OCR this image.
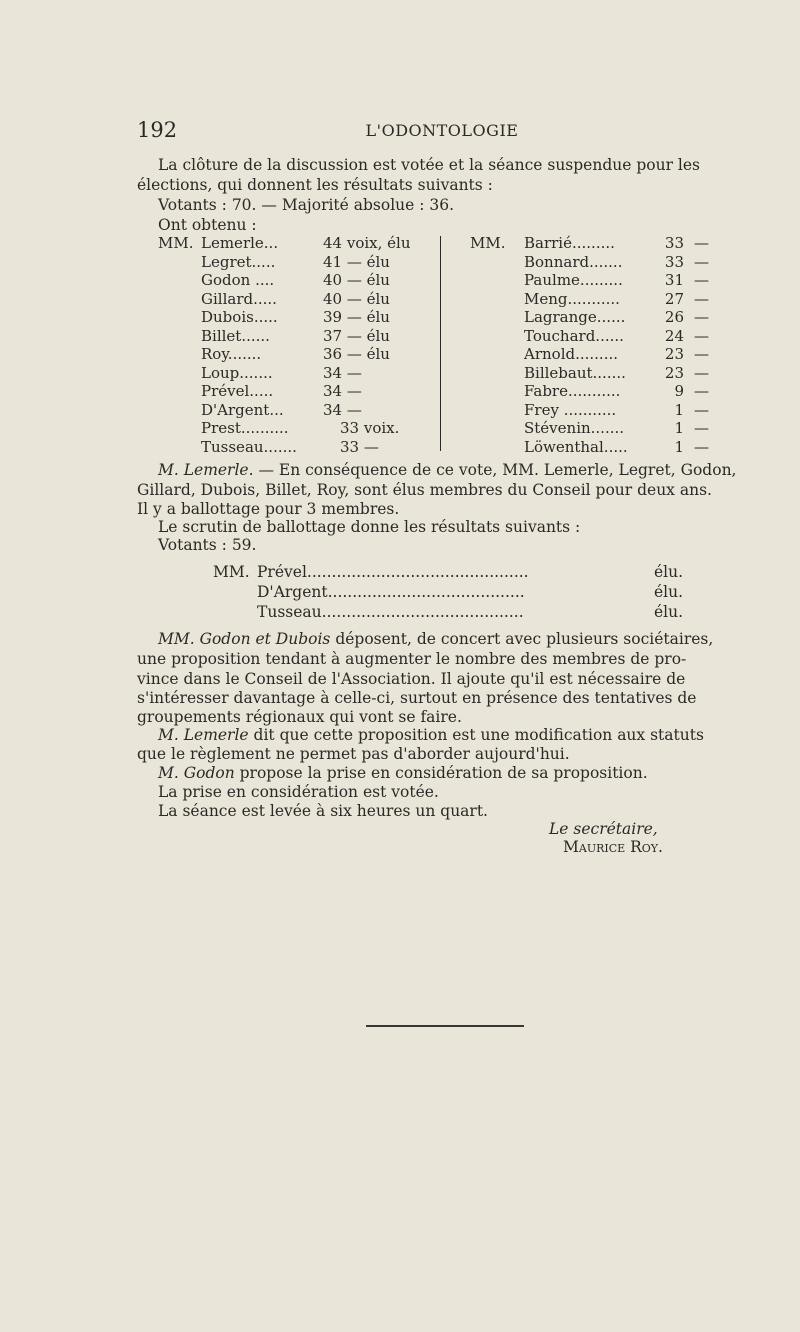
192	L'ODONTOLOGIE
La clôture de la discussion est votée et la séance suspendue pour les
élections, qui donnent les résultats suivants :
Votants : 70. — Majorité absolue : 36.
Ont obtenu :
MM. Lemerle...	44 voix, élu
Legret.....	41 — élu
Godon ....	40 — élu
Gillard.....	40 — élu
Dubois.....	39 — élu
Billet......	37 — élu
Roy.......	36 — élu
Loup.......	34 —
Prével.....	34 —
D'Argent...	34 —
Prest..........	33 voix.
Tusseau.......	33 —
MM. Barrié.........	33 —
Bonnard.......	33 —
Paulme.........	31 —
Meng...........	27 —
Lagrange......	26 —
Touchard......	24 —
Arnold.........	23 —
Billebaut.......	23 —
Fabre...........	9 —
Frey ...........	1 —
Stévenin.......	1 —
Löwenthal.....	1 —
M. Lemerle. — En conséquence de ce vote, MM. Lemerle, Legret, Godon,
Gillard, Dubois, Billet, Roy, sont élus membres du Conseil pour deux ans.
Il y a ballottage pour 3 membres.
Le scrutin de ballottage donne les résultats suivants :
Votants : 59.
MM. Prével.............................................	élu.
D'Argent........................................	élu.
Tusseau.........................................	élu.
MM. Godon et Dubois déposent, de concert avec plusieurs sociétaires,
une proposition tendant à augmenter le nombre des membres de pro-
vince dans le Conseil de l'Association. Il ajoute qu'il est nécessaire de
s'intéresser davantage à celle-ci, surtout en présence des tentatives de
groupements régionaux qui vont se faire.
M. Lemerle dit que cette proposition est une modification aux statuts
que le règlement ne permet pas d'aborder aujourd'hui.
M. Godon propose la prise en considération de sa proposition.
La prise en considération est votée.
La séance est levée à six heures un quart.
Le secrétaire,
Maurice Roy.
